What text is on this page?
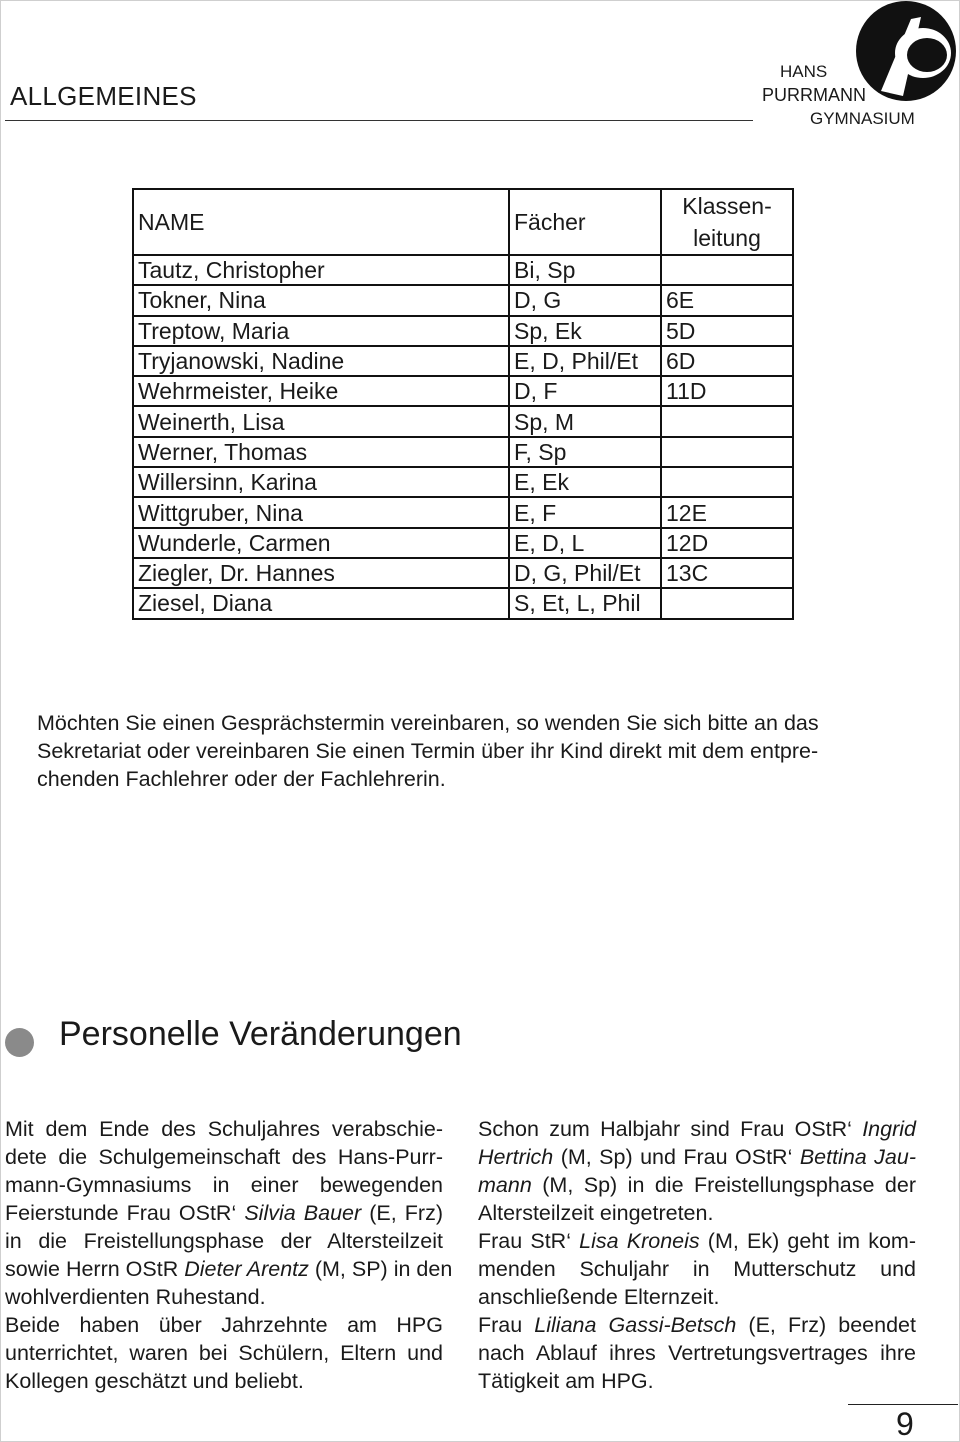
ALLGEMEINES
HANS
PURRMANN
GYMNASIUM
NAME	Fächer	Klassen-
leitung
Tautz, Christopher	Bi, Sp	
Tokner, Nina	D, G	6E
Treptow, Maria	Sp, Ek	5D
Tryjanowski, Nadine	E, D, Phil/Et	6D
Wehrmeister, Heike	D, F	11D
Weinerth, Lisa	Sp, M	
Werner, Thomas	F, Sp	
Willersinn, Karina	E, Ek	
Wittgruber, Nina	E, F	12E
Wunderle, Carmen	E, D, L	12D
Ziegler, Dr. Hannes	D, G, Phil/Et	13C
Ziesel, Diana	S, Et, L, Phil	
Möchten Sie einen Gesprächstermin vereinbaren, so wenden Sie sich bitte an das
Sekretariat oder vereinbaren Sie einen Termin über ihr Kind direkt mit dem entpre-
chenden Fachlehrer oder der Fachlehrerin.
Personelle Veränderungen
Mit dem Ende des Schuljahres verabschie-
dete die Schulgemeinschaft des Hans-Purr-
mann-Gymnasiums in einer bewegenden
Feierstunde Frau OStR‘ Silvia Bauer (E, Frz)
in die Freistellungsphase der Altersteilzeit
sowie Herrn OStR Dieter Arentz (M, SP) in den
wohlverdienten Ruhestand.
Beide haben über Jahrzehnte am HPG
unterrichtet, waren bei Schülern, Eltern und
Kollegen geschätzt und beliebt.
Schon zum Halbjahr sind Frau OStR‘ Ingrid
Hertrich (M, Sp) und Frau OStR‘ Bettina Jau-
mann (M, Sp) in die Freistellungsphase der
Altersteilzeit eingetreten.
Frau StR‘ Lisa Kroneis (M, Ek) geht im kom-
menden Schuljahr in Mutterschutz und
anschließende Elternzeit.
Frau Liliana Gassi-Betsch (E, Frz) beendet
nach Ablauf ihres Vertretungsvertrages ihre
Tätigkeit am HPG.
9
